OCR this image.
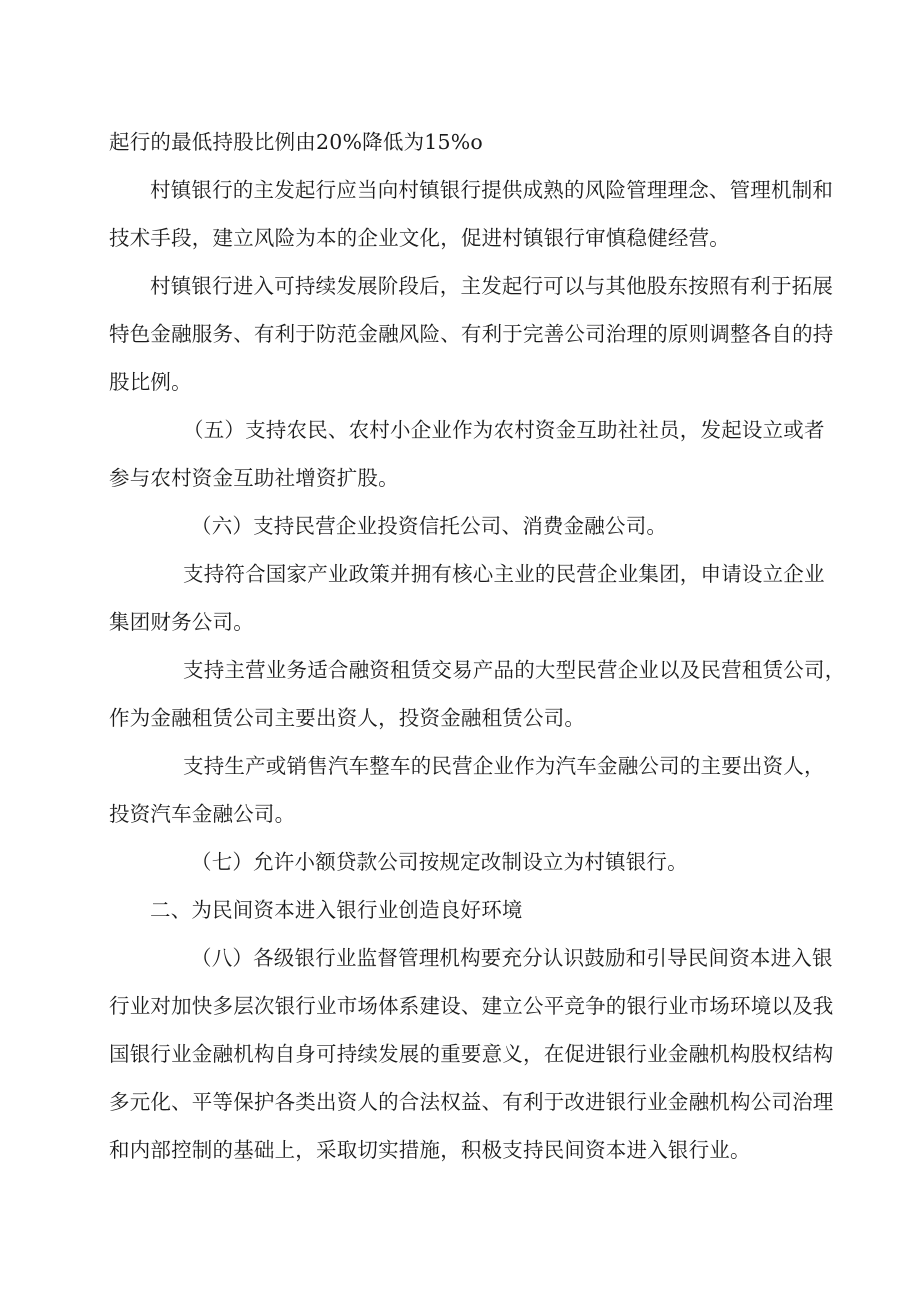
起行的最低持股比例由20%降低为15%o
村镇银行的主发起行应当向村镇银行提供成熟的风险管理理念、管理机制和
技术手段，建立风险为本的企业文化，促进村镇银行审慎稳健经营。
村镇银行进入可持续发展阶段后，主发起行可以与其他股东按照有利于拓展
特色金融服务、有利于防范金融风险、有利于完善公司治理的原则调整各自的持
股比例。
（五）支持农民、农村小企业作为农村资金互助社社员，发起设立或者
参与农村资金互助社增资扩股。
（六）支持民营企业投资信托公司、消费金融公司。
支持符合国家产业政策并拥有核心主业的民营企业集团，申请设立企业
集团财务公司。
支持主营业务适合融资租赁交易产品的大型民营企业以及民营租赁公司，
作为金融租赁公司主要出资人，投资金融租赁公司。
支持生产或销售汽车整车的民营企业作为汽车金融公司的主要出资人，
投资汽车金融公司。
（七）允许小额贷款公司按规定改制设立为村镇银行。
二、为民间资本进入银行业创造良好环境
（八）各级银行业监督管理机构要充分认识鼓励和引导民间资本进入银
行业对加快多层次银行业市场体系建设、建立公平竞争的银行业市场环境以及我
国银行业金融机构自身可持续发展的重要意义，在促进银行业金融机构股权结构
多元化、平等保护各类出资人的合法权益、有利于改进银行业金融机构公司治理
和内部控制的基础上，采取切实措施，积极支持民间资本进入银行业。
